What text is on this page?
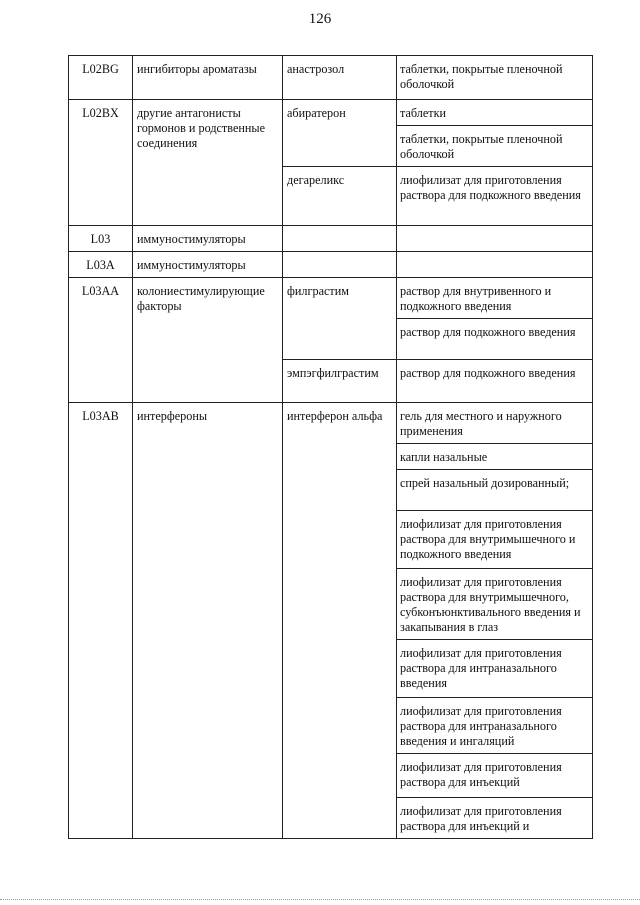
126
L02BG	ингибиторы ароматазы	анастрозол	таблетки, покрытые пленочной оболочкой
L02BX	другие антагонисты гормонов и родственные соединения	абиратерон	таблетки
			таблетки, покрытые пленочной оболочкой
		дегареликс	лиофилизат для приготовления раствора для подкожного введения
L03	иммуностимуляторы		
L03A	иммуностимуляторы		
L03AA	колониестимулирующие факторы	филграстим	раствор для внутривенного и подкожного введения
			раствор для подкожного введения
		эмпэгфилграстим	раствор для подкожного введения
L03AB	интерфероны	интерферон альфа	гель для местного и наружного применения
			капли назальные
			спрей назальный дозированный;
			лиофилизат для приготовления раствора для внутримышечного и подкожного введения
			лиофилизат для приготовления раствора для внутримышечного, субконъюнктивального введения и закапывания в глаз
			лиофилизат для приготовления раствора для интраназального введения
			лиофилизат для приготовления раствора для интраназального введения и ингаляций
			лиофилизат для приготовления раствора для инъекций
			лиофилизат для приготовления раствора для инъекций и
